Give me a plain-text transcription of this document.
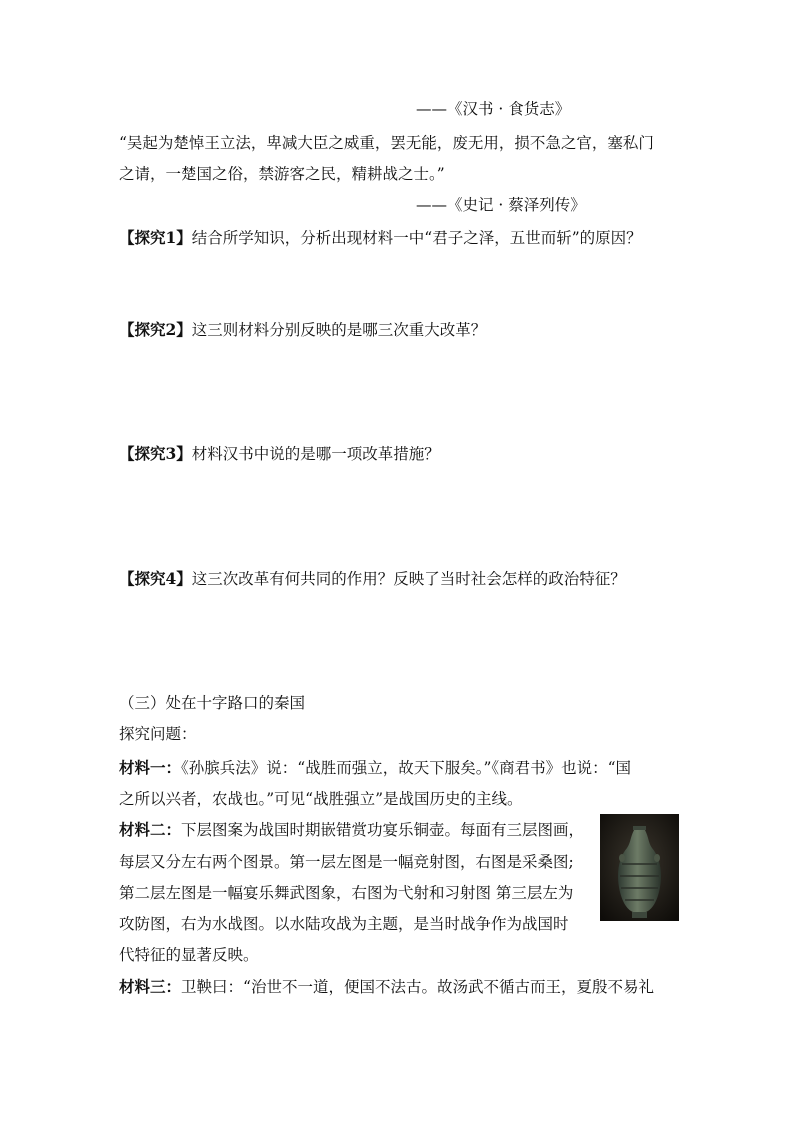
——《汉书 · 食货志》
“吴起为楚悼王立法，卑减大臣之威重，罢无能，废无用，损不急之官，塞私门
之请，一楚国之俗，禁游客之民，精耕战之士。”
——《史记 · 蔡泽列传》
【探究1】结合所学知识，分析出现材料一中“君子之泽，五世而斩”的原因？
【探究2】这三则材料分别反映的是哪三次重大改革？
【探究3】材料汉书中说的是哪一项改革措施？
【探究4】这三次改革有何共同的作用？反映了当时社会怎样的政治特征？
（三）处在十字路口的秦国
探究问题：
材料一：《孙膑兵法》说：“战胜而强立，故天下服矣。”《商君书》也说：“国
之所以兴者，农战也。”可见“战胜强立”是战国历史的主线。
材料二：下层图案为战国时期嵌错赏功宴乐铜壶。每面有三层图画，
每层又分左右两个图景。第一层左图是一幅竞射图，右图是采桑图;
第二层左图是一幅宴乐舞武图象，右图为弋射和习射图 第三层左为
攻防图，右为水战图。以水陆攻战为主题，是当时战争作为战国时
代特征的显著反映。
材料三：卫鞅曰：“治世不一道，便国不法古。故汤武不循古而王，夏殷不易礼
